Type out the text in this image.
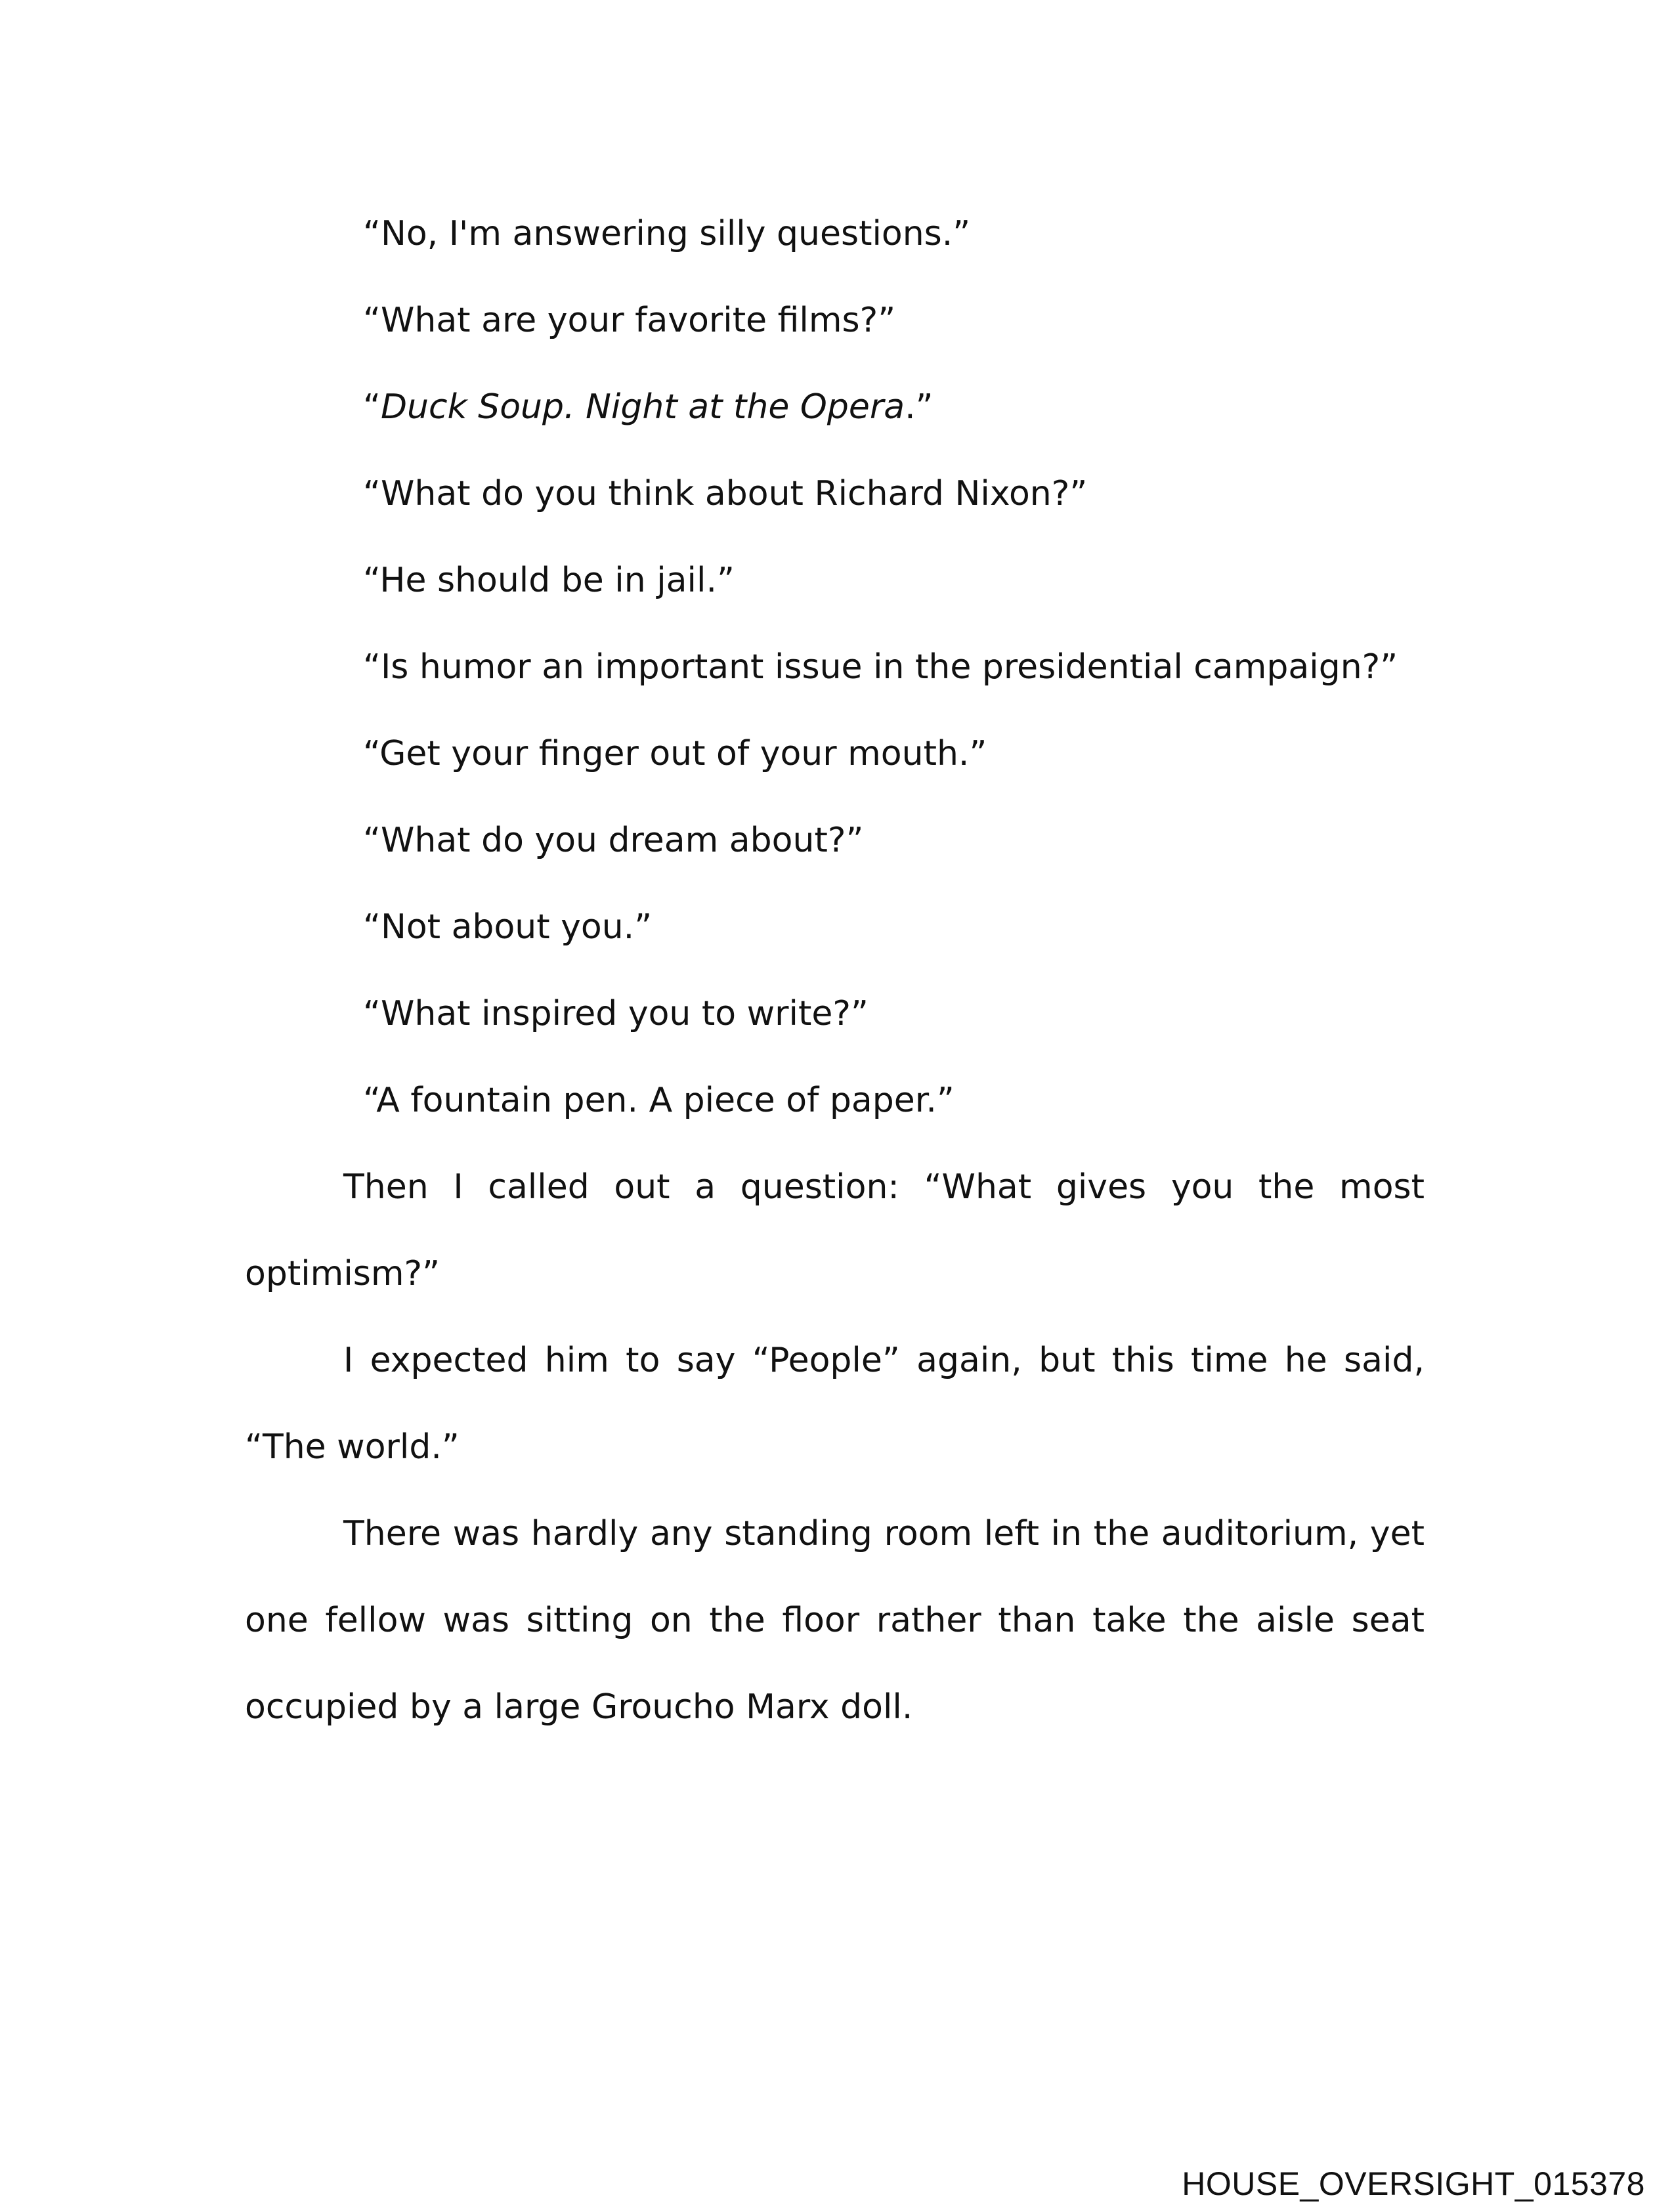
“No, I'm answering silly questions.”

“What are your favorite films?”

“Duck Soup. Night at the Opera.”

“What do you think about Richard Nixon?”

“He should be in jail.”

“Is humor an important issue in the presidential campaign?”

“Get your finger out of your mouth.”

“What do you dream about?”

“Not about you.”

“What inspired you to write?”

“A fountain pen. A piece of paper.”

Then I called out a question: “What gives you the most optimism?”

I expected him to say “People” again, but this time he said, “The world.”

There was hardly any standing room left in the auditorium, yet one fellow was sitting on the floor rather than take the aisle seat occupied by a large Groucho Marx doll.

HOUSE_OVERSIGHT_015378
